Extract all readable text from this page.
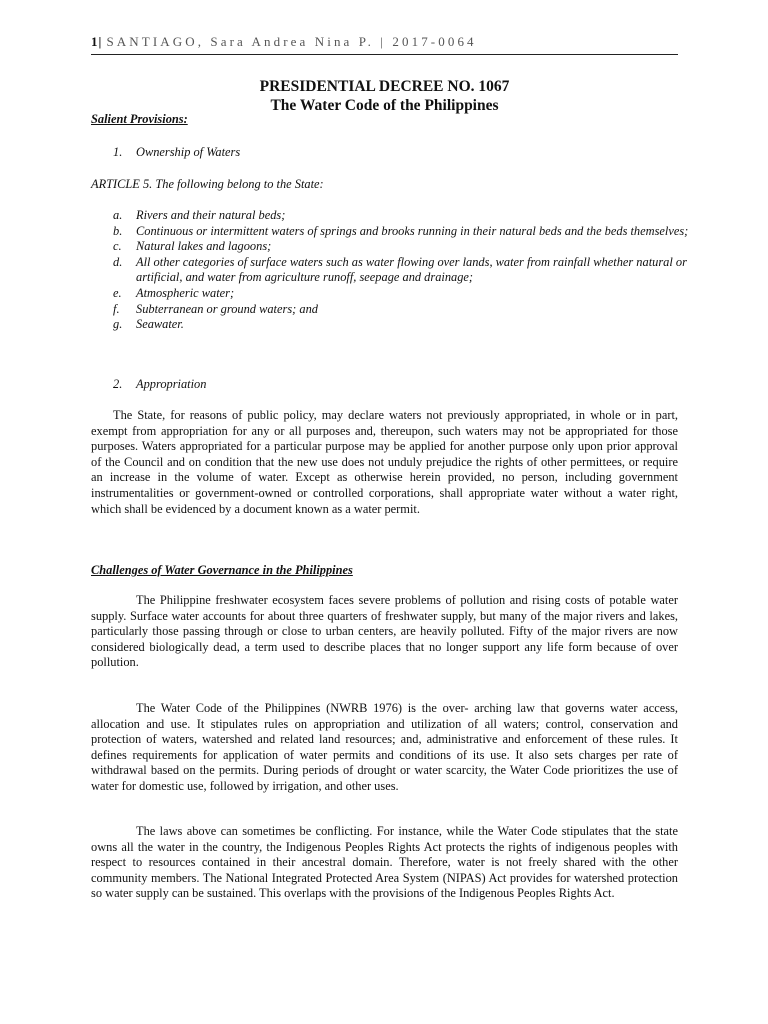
1| SANTIAGO, Sara Andrea Nina P. | 2017-0064
PRESIDENTIAL DECREE NO. 1067
The Water Code of the Philippines
Salient Provisions:
1. Ownership of Waters
ARTICLE 5. The following belong to the State:
a. Rivers and their natural beds;
b. Continuous or intermittent waters of springs and brooks running in their natural beds and the beds themselves;
c. Natural lakes and lagoons;
d. All other categories of surface waters such as water flowing over lands, water from rainfall whether natural or artificial, and water from agriculture runoff, seepage and drainage;
e. Atmospheric water;
f. Subterranean or ground waters; and
g. Seawater.
2. Appropriation

The State, for reasons of public policy, may declare waters not previously appropriated, in whole or in part, exempt from appropriation for any or all purposes and, thereupon, such waters may not be appropriated for those purposes. Waters appropriated for a particular purpose may be applied for another purpose only upon prior approval of the Council and on condition that the new use does not unduly prejudice the rights of other permittees, or require an increase in the volume of water. Except as otherwise herein provided, no person, including government instrumentalities or government-owned or controlled corporations, shall appropriate water without a water right, which shall be evidenced by a document known as a water permit.

Challenges of Water Governance in the Philippines

The Philippine freshwater ecosystem faces severe problems of pollution and rising costs of potable water supply. Surface water accounts for about three quarters of freshwater supply, but many of the major rivers and lakes, particularly those passing through or close to urban centers, are heavily polluted. Fifty of the major rivers are now considered biologically dead, a term used to describe places that no longer support any life form because of over pollution.

The Water Code of the Philippines (NWRB 1976) is the over- arching law that governs water access, allocation and use. It stipulates rules on appropriation and utilization of all waters; control, conservation and protection of waters, watershed and related land resources; and, administrative and enforcement of these rules. It defines requirements for application of water permits and conditions of its use. It also sets charges per rate of withdrawal based on the permits. During periods of drought or water scarcity, the Water Code prioritizes the use of water for domestic use, followed by irrigation, and other uses.

The laws above can sometimes be conflicting. For instance, while the Water Code stipulates that the state owns all the water in the country, the Indigenous Peoples Rights Act protects the rights of indigenous peoples with respect to resources contained in their ancestral domain. Therefore, water is not freely shared with the other community members. The National Integrated Protected Area System (NIPAS) Act provides for watershed protection so water supply can be sustained. This overlaps with the provisions of the Indigenous Peoples Rights Act.
